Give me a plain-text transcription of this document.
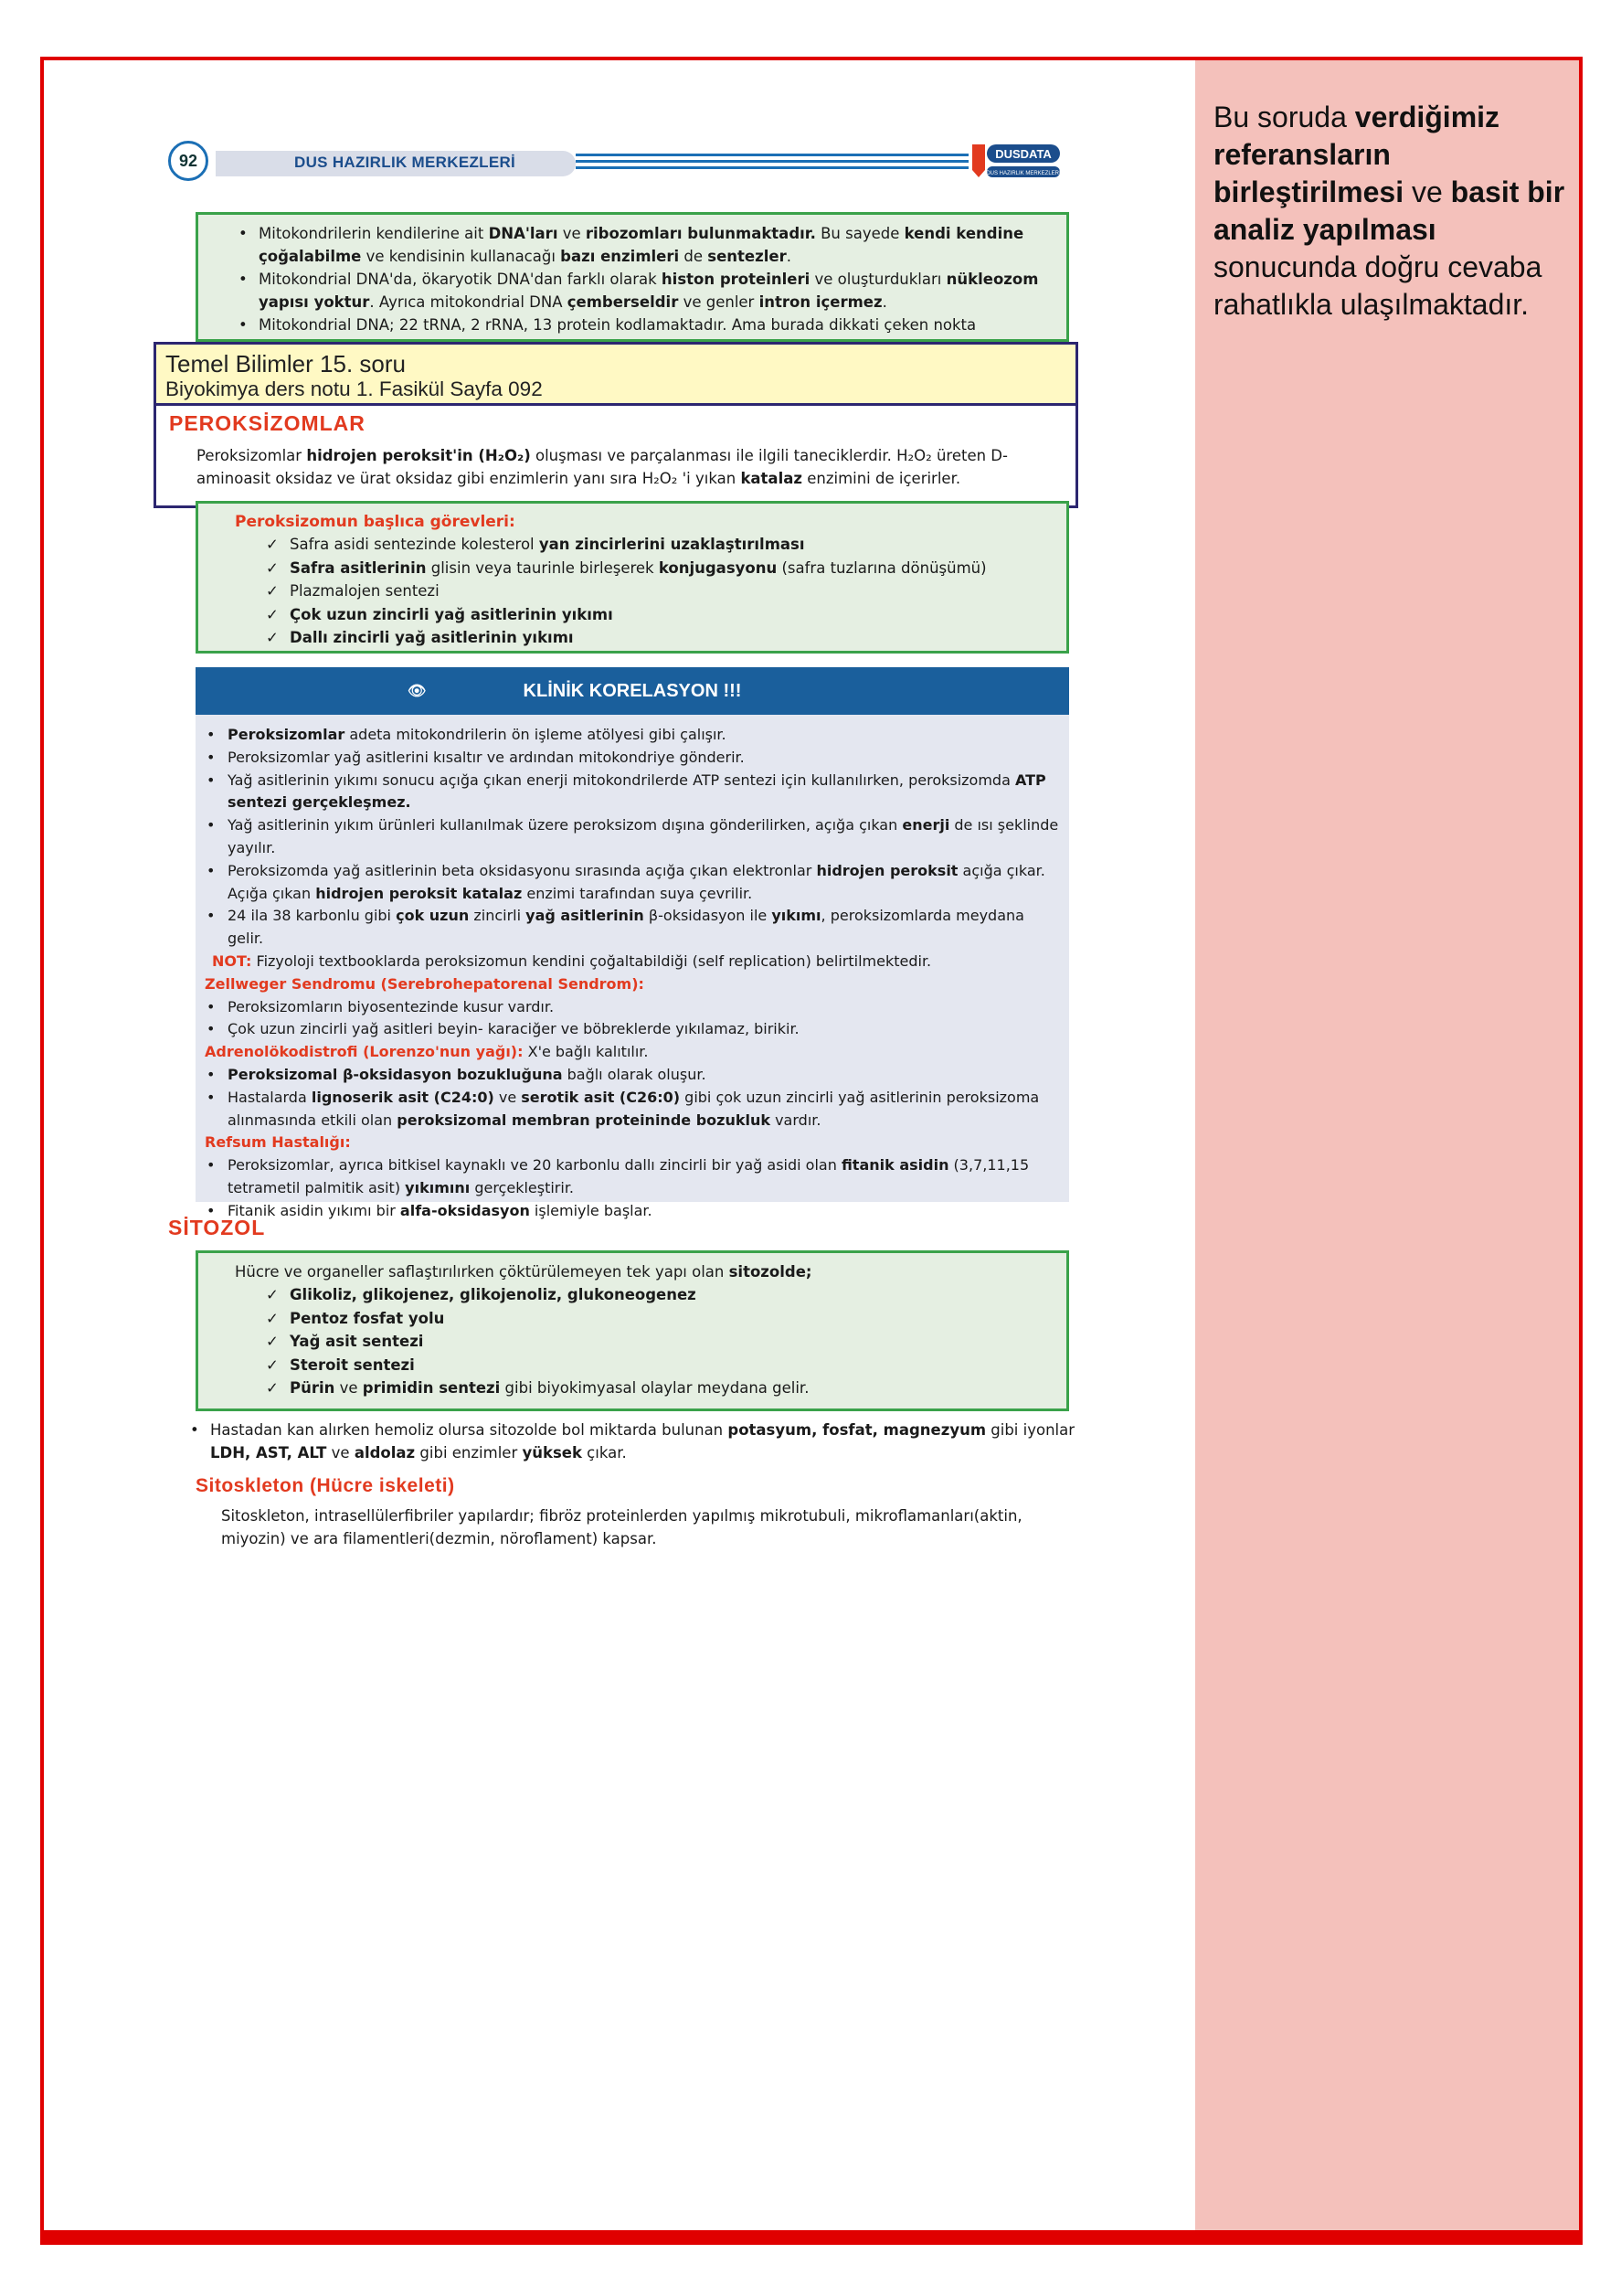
Bu soruda verdiğimiz referansların birleştirilmesi ve basit bir analiz yapılması sonucunda doğru cevaba rahatlıkla ulaşılmaktadır.
92	DUS HAZIRLIK MERKEZLERİ	DUSDATA
DUS HAZIRLIK MERKEZLERİ
• Mitokondrilerin kendilerine ait DNA'ları ve ribozomları bulunmaktadır. Bu sayede kendi kendine çoğalabilme ve kendisinin kullanacağı bazı enzimleri de sentezler.
• Mitokondrial DNA'da, ökaryotik DNA'dan farklı olarak histon proteinleri ve oluşturdukları nükleozom yapısı yoktur. Ayrıca mitokondrial DNA çemberseldir ve genler intron içermez.
• Mitokondrial DNA; 22 tRNA, 2 rRNA, 13 protein kodlamaktadır. Ama burada dikkati çeken nokta
Temel Bilimler 15. soru
Biyokimya ders notu 1. Fasikül Sayfa 092
PEROKSİZOMLAR
Peroksizomlar hidrojen peroksit'in (H₂O₂) oluşması ve parçalanması ile ilgili taneciklerdir. H₂O₂ üreten D-aminoasit oksidaz ve ürat oksidaz gibi enzimlerin yanı sıra H₂O₂ 'i yıkan katalaz enzimini de içerirler.
Peroksizomun başlıca görevleri:
✓ Safra asidi sentezinde kolesterol yan zincirlerini uzaklaştırılması
✓ Safra asitlerinin glisin veya taurinle birleşerek konjugasyonu (safra tuzlarına dönüşümü)
✓ Plazmalojen sentezi
✓ Çok uzun zincirli yağ asitlerinin yıkımı
✓ Dallı zincirli yağ asitlerinin yıkımı
👁	KLİNİK KORELASYON !!!
• Peroksizomlar adeta mitokondrilerin ön işleme atölyesi gibi çalışır.
• Peroksizomlar yağ asitlerini kısaltır ve ardından mitokondriye gönderir.
• Yağ asitlerinin yıkımı sonucu açığa çıkan enerji mitokondrilerde ATP sentezi için kullanılırken, peroksizomda ATP sentezi gerçekleşmez.
• Yağ asitlerinin yıkım ürünleri kullanılmak üzere peroksizom dışına gönderilirken, açığa çıkan enerji de ısı şeklinde yayılır.
• Peroksizomda yağ asitlerinin beta oksidasyonu sırasında açığa çıkan elektronlar hidrojen peroksit açığa çıkar. Açığa çıkan hidrojen peroksit katalaz enzimi tarafından suya çevrilir.
• 24 ila 38 karbonlu gibi çok uzun zincirli yağ asitlerinin β-oksidasyon ile yıkımı, peroksizomlarda meydana gelir.
NOT: Fizyoloji textbooklarda peroksizomun kendini çoğaltabildiği (self replication) belirtilmektedir.
Zellweger Sendromu (Serebrohepatorenal Sendrom):
• Peroksizomların biyosentezinde kusur vardır.
• Çok uzun zincirli yağ asitleri beyin- karaciğer ve böbreklerde yıkılamaz, birikir.
Adrenolökodistrofi (Lorenzo'nun yağı): X'e bağlı kalıtılır.
• Peroksizomal β-oksidasyon bozukluğuna bağlı olarak oluşur.
• Hastalarda lignoserik asit (C24:0) ve serotik asit (C26:0) gibi çok uzun zincirli yağ asitlerinin peroksizoma alınmasında etkili olan peroksizomal membran proteininde bozukluk vardır.
Refsum Hastalığı:
• Peroksizomlar, ayrıca bitkisel kaynaklı ve 20 karbonlu dallı zincirli bir yağ asidi olan fitanik asidin (3,7,11,15 tetrametil palmitik asit) yıkımını gerçekleştirir.
• Fitanik asidin yıkımı bir alfa-oksidasyon işlemiyle başlar.
SİTOZOL
Hücre ve organeller saflaştırılırken çöktürülemeyen tek yapı olan sitozolde;
✓ Glikoliz, glikojenez, glikojenoliz, glukoneogenez
✓ Pentoz fosfat yolu
✓ Yağ asit sentezi
✓ Steroit sentezi
✓ Pürin ve primidin sentezi gibi biyokimyasal olaylar meydana gelir.
• Hastadan kan alırken hemoliz olursa sitozolde bol miktarda bulunan potasyum, fosfat, magnezyum gibi iyonlar LDH, AST, ALT ve aldolaz gibi enzimler yüksek çıkar.
Sitoskleton (Hücre iskeleti)
Sitoskleton, intrasellülerfibriler yapılardır; fibröz proteinlerden yapılmış mikrotubuli, mikroflamanları(aktin, miyozin) ve ara filamentleri(dezmin, nöroflament) kapsar.
